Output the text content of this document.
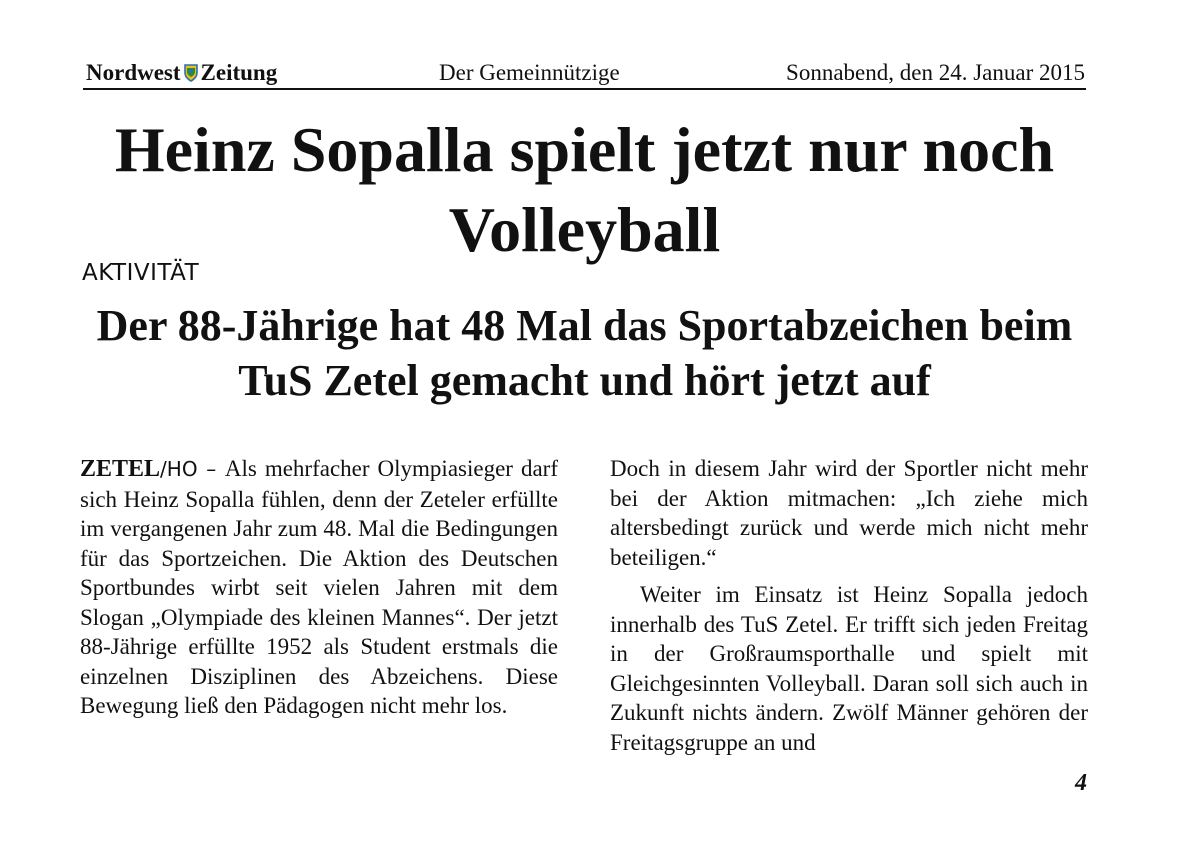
Nordwest Zeitung	Der Gemeinnützige	Sonnabend, den 24. Januar 2015
Heinz Sopalla spielt jetzt nur noch Volleyball
AKTIVITÄT
Der 88-Jährige hat 48 Mal das Sportabzeichen beim TuS Zetel gemacht und hört jetzt auf

ZETEL/HO – Als mehrfacher Olympiasieger darf sich Heinz Sopalla fühlen, denn der Zeteler erfüllte im vergangenen Jahr zum 48. Mal die Bedingungen für das Sportzeichen. Die Aktion des Deutschen Sportbundes wirbt seit vielen Jahren mit dem Slogan „Olympiade des kleinen Mannes“. Der jetzt 88-Jährige erfüllte 1952 als Student erstmals die einzelnen Disziplinen des Abzeichens. Diese Bewegung ließ den Pädagogen nicht mehr los.

Doch in diesem Jahr wird der Sportler nicht mehr bei der Aktion mitmachen: „Ich ziehe mich altersbedingt zurück und werde mich nicht mehr beteiligen.“

Weiter im Einsatz ist Heinz Sopalla jedoch innerhalb des TuS Zetel. Er trifft sich jeden Freitag in der Großraumsporthalle und spielt mit Gleichgesinnten Volleyball. Daran soll sich auch in Zukunft nichts ändern. Zwölf Männer gehören der Freitagsgruppe an und

4
